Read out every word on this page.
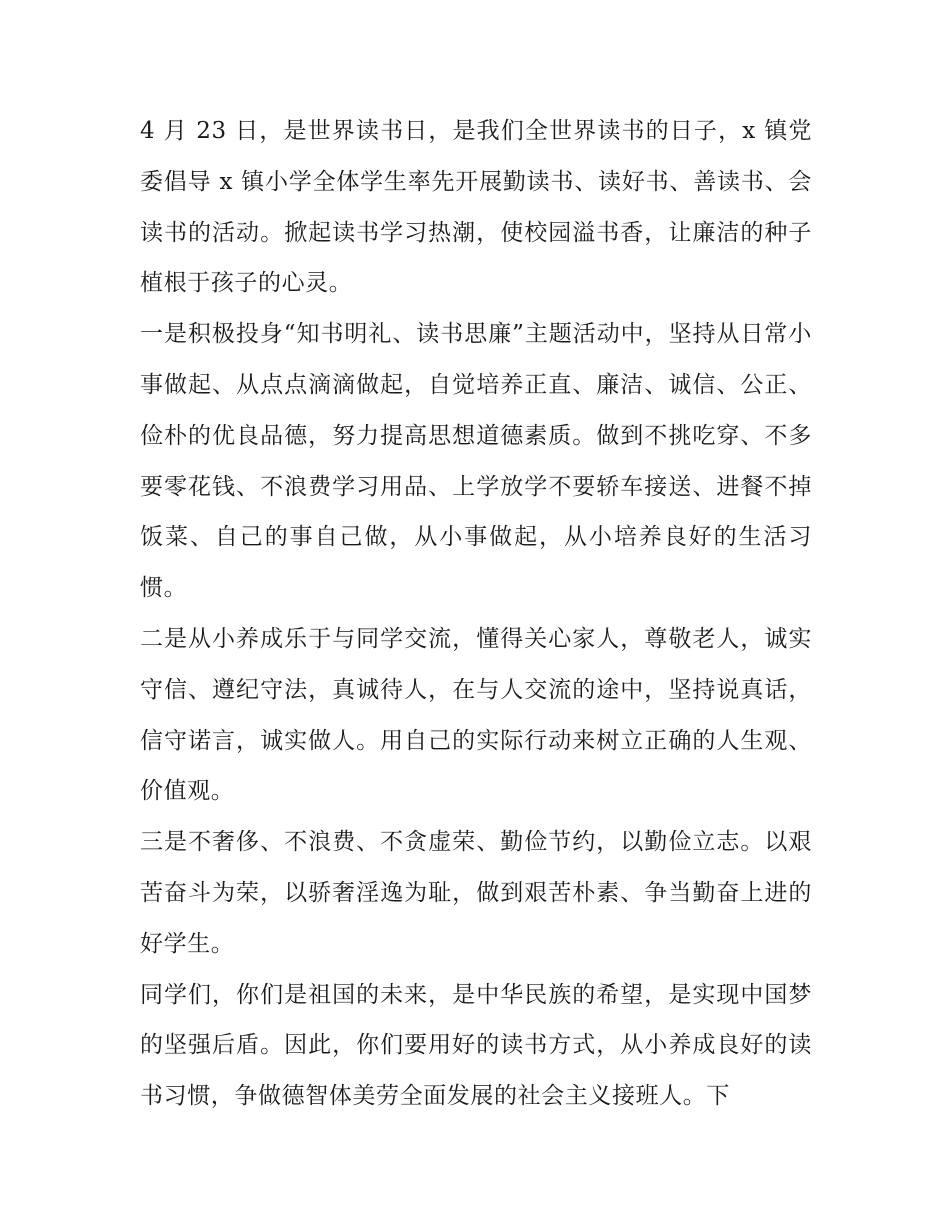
4 月 23 日，是世界读书日，是我们全世界读书的日子，x 镇党委倡导 x 镇小学全体学生率先开展勤读书、读好书、善读书、会读书的活动。掀起读书学习热潮，使校园溢书香，让廉洁的种子植根于孩子的心灵。

一是积极投身“知书明礼、读书思廉”主题活动中，坚持从日常小事做起、从点点滴滴做起，自觉培养正直、廉洁、诚信、公正、俭朴的优良品德，努力提高思想道德素质。做到不挑吃穿、不多要零花钱、不浪费学习用品、上学放学不要轿车接送、进餐不掉饭菜、自己的事自己做，从小事做起，从小培养良好的生活习惯。

二是从小养成乐于与同学交流，懂得关心家人，尊敬老人，诚实守信、遵纪守法，真诚待人，在与人交流的途中，坚持说真话，信守诺言，诚实做人。用自己的实际行动来树立正确的人生观、价值观。

三是不奢侈、不浪费、不贪虚荣、勤俭节约，以勤俭立志。以艰苦奋斗为荣，以骄奢淫逸为耻，做到艰苦朴素、争当勤奋上进的好学生。

同学们，你们是祖国的未来，是中华民族的希望，是实现中国梦的坚强后盾。因此，你们要用好的读书方式，从小养成良好的读书习惯，争做德智体美劳全面发展的社会主义接班人。下
